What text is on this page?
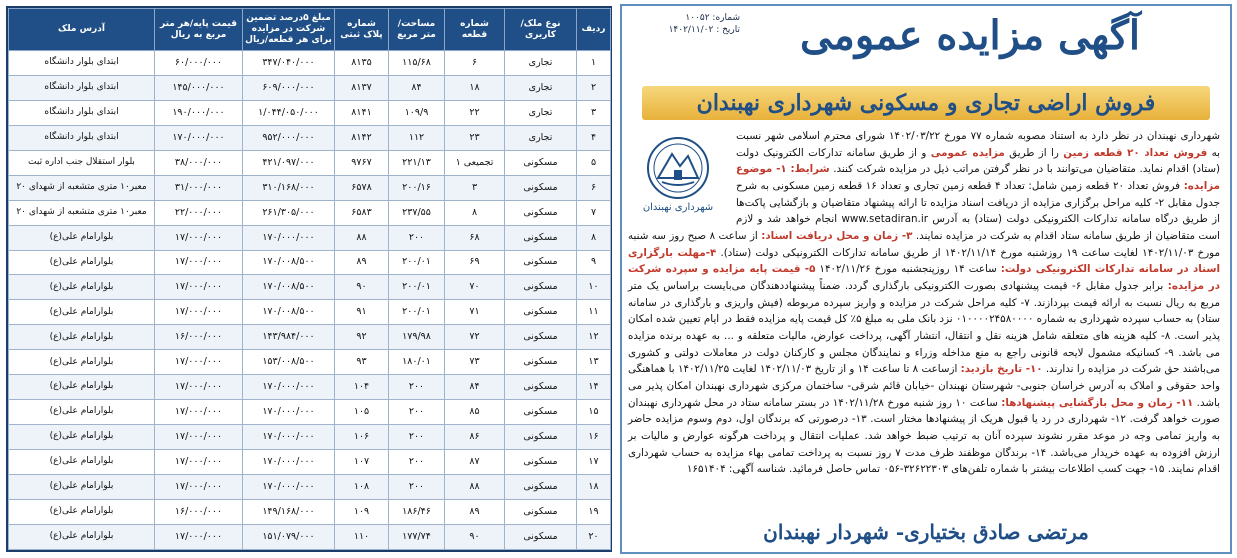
ردیف	نوع ملک/کاربری	شماره قطعه	مساحت/ متر مربع	شماره پلاک ثبتی	مبلغ ۵درصد تضمین شرکت در مزایده برای هر قطعه/ریال	قیمت پایه/هر متر مربع به ریال	آدرس ملک
۱	تجاری	۶	۱۱۵/۶۸	۸۱۳۵	۳۴۷/۰۴۰/۰۰۰	۶۰/۰۰۰/۰۰۰	ابتدای بلوار دانشگاه
۲	تجاری	۱۸	۸۴	۸۱۳۷	۶۰۹/۰۰۰/۰۰۰	۱۴۵/۰۰۰/۰۰۰	ابتدای بلوار دانشگاه
۳	تجاری	۲۲	۱۰۹/۹	۸۱۴۱	۱/۰۴۴/۰۵۰/۰۰۰	۱۹۰/۰۰۰/۰۰۰	ابتدای بلوار دانشگاه
۴	تجاری	۲۳	۱۱۲	۸۱۴۲	۹۵۲/۰۰۰/۰۰۰	۱۷۰/۰۰۰/۰۰۰	ابتدای بلوار دانشگاه
۵	مسکونی	تجمیعی ۱	۲۲۱/۱۳	۹۷۶۷	۴۲۱/۰۹۷/۰۰۰	۳۸/۰۰۰/۰۰۰	بلوار استقلال جنب اداره ثبت
۶	مسکونی	۳	۲۰۰/۱۶	۶۵۷۸	۳۱۰/۱۶۸/۰۰۰	۳۱/۰۰۰/۰۰۰	معبر۱۰ متری متشعبه از شهدای ۲۰
۷	مسکونی	۸	۲۳۷/۵۵	۶۵۸۳	۲۶۱/۳۰۵/۰۰۰	۲۲/۰۰۰/۰۰۰	معبر۱۰ متری متشعبه از شهدای ۲۰
۸	مسکونی	۶۸	۲۰۰	۸۸	۱۷۰/۰۰۰/۰۰۰	۱۷/۰۰۰/۰۰۰	بلوارامام علی(ع)
۹	مسکونی	۶۹	۲۰۰/۰۱	۸۹	۱۷۰/۰۰۸/۵۰۰	۱۷/۰۰۰/۰۰۰	بلوارامام علی(ع)
۱۰	مسکونی	۷۰	۲۰۰/۰۱	۹۰	۱۷۰/۰۰۸/۵۰۰	۱۷/۰۰۰/۰۰۰	بلوارامام علی(ع)
۱۱	مسکونی	۷۱	۲۰۰/۰۱	۹۱	۱۷۰/۰۰۸/۵۰۰	۱۷/۰۰۰/۰۰۰	بلوارامام علی(ع)
۱۲	مسکونی	۷۲	۱۷۹/۹۸	۹۲	۱۴۳/۹۸۴/۰۰۰	۱۶/۰۰۰/۰۰۰	بلوارامام علی(ع)
۱۳	مسکونی	۷۳	۱۸۰/۰۱	۹۳	۱۵۳/۰۰۸/۵۰۰	۱۷/۰۰۰/۰۰۰	بلوارامام علی(ع)
۱۴	مسکونی	۸۴	۲۰۰	۱۰۴	۱۷۰/۰۰۰/۰۰۰	۱۷/۰۰۰/۰۰۰	بلوارامام علی(ع)
۱۵	مسکونی	۸۵	۲۰۰	۱۰۵	۱۷۰/۰۰۰/۰۰۰	۱۷/۰۰۰/۰۰۰	بلوارامام علی(ع)
۱۶	مسکونی	۸۶	۲۰۰	۱۰۶	۱۷۰/۰۰۰/۰۰۰	۱۷/۰۰۰/۰۰۰	بلوارامام علی(ع)
۱۷	مسکونی	۸۷	۲۰۰	۱۰۷	۱۷۰/۰۰۰/۰۰۰	۱۷/۰۰۰/۰۰۰	بلوارامام علی(ع)
۱۸	مسکونی	۸۸	۲۰۰	۱۰۸	۱۷۰/۰۰۰/۰۰۰	۱۷/۰۰۰/۰۰۰	بلوارامام علی(ع)
۱۹	مسکونی	۸۹	۱۸۶/۴۶	۱۰۹	۱۴۹/۱۶۸/۰۰۰	۱۶/۰۰۰/۰۰۰	بلوارامام علی(ع)
۲۰	مسکونی	۹۰	۱۷۷/۷۴	۱۱۰	۱۵۱/۰۷۹/۰۰۰	۱۷/۰۰۰/۰۰۰	بلوارامام علی(ع)
شماره: ۱۰۰۵۲
تاریخ : ۱۴۰۲/۱۱/۰۲	آگهی مزایده عمومی
فروش اراضی تجاری و مسکونی شهرداری نهبندان
شهرداری نهبندان
شهرداری نهبندان در نظر دارد به استناد مصوبه شماره ۷۷ مورخ ۱۴۰۲/۰۳/۲۲ شورای محترم اسلامی شهر نسبت به فروش تعداد ۲۰ قطعه زمین را از طریق مزایده عمومی و از طریق سامانه تدارکات الکترونیک دولت (ستاد) اقدام نماید. متقاضیان می‌توانند با در نظر گرفتن مراتب ذیل در مزایده شرکت کنند. شرایط: ۱- موضوع مزایده: فروش تعداد ۲۰ قطعه زمین شامل: تعداد ۴ قطعه زمین تجاری و تعداد ۱۶ قطعه زمین مسکونی به شرح جدول مقابل ۲- کلیه مراحل برگزاری مزایده از دریافت اسناد مزایده تا ارائه پیشنهاد متقاضیان و بازگشایی پاکت‌ها از طریق درگاه سامانه تدارکات الکترونیکی دولت (ستاد) به آدرس www.setadiran.ir انجام خواهد شد و لازم است متقاضیان از طریق سامانه ستاد اقدام به شرکت در مزایده نمایند. ۳- زمان و محل دریافت اسناد: از ساعت ۸ صبح روز سه شنبه مورخ ۱۴۰۲/۱۱/۰۳ لغایت ساعت ۱۹ روزشنبه مورخ ۱۴۰۲/۱۱/۱۴ از طریق سامانه تدارکات الکترونیکی دولت (ستاد). ۴-مهلت بارگزاری اسناد در سامانه تدارکات الکترونیکی دولت: ساعت ۱۴ روزپنجشنبه مورخ ۱۴۰۲/۱۱/۲۶ ۵- قیمت پایه مزایده و سپرده شرکت در مزایده: برابر جدول مقابل ۶- قیمت پیشنهادی بصورت الکترونیکی بارگذاری گردد. ضمناً پیشنهاددهندگان می‌بایست براساس یک متر مربع به ریال نسبت به ارائه قیمت بپردازند. ۷- کلیه مراحل شرکت در مزایده و واریز سپرده مربوطه (فیش واریزی و بارگذاری در سامانه ستاد) به حساب سپرده شهرداری به شماره ۰۱۰۰۰۰۲۴۵۸۰۰۰۰ نزد بانک ملی به مبلغ ۵٪ کل قیمت پایه مزایده فقط در ایام تعیین شده امکان پذیر است. ۸- کلیه هزینه های متعلقه شامل هزینه نقل و انتقال، انتشار آگهی، پرداخت عوارض، مالیات متعلقه و ... به عهده برنده مزایده می باشد. ۹- کسانیکه مشمول لایحه قانونی راجع به منع مداخله وزراء و نمایندگان مجلس و کارکنان دولت در معاملات دولتی و کشوری می‌باشند حق شرکت در مزایده را ندارند. ۱۰- تاریخ بازدید: ازساعت ۸ تا ساعت ۱۴ و از تاریخ ۱۴۰۲/۱۱/۰۳ لغایت ۱۴۰۲/۱۱/۲۵ با هماهنگی واحد حقوقی و املاک به آدرس خراسان جنوبی- شهرستان نهبندان -خیابان قائم شرقی- ساختمان مرکزی شهرداری نهبندان امکان پذیر می باشد. ۱۱- زمان و محل بازگشایی پیشنهادها: ساعت ۱۰ روز شنبه مورخ ۱۴۰۲/۱۱/۲۸ در بستر سامانه ستاد در محل شهرداری نهبندان صورت خواهد گرفت. ۱۲- شهرداری در رد یا قبول هریک از پیشنهادها مختار است. ۱۳- درصورتی که برندگان اول، دوم وسوم مزایده حاضر به واریز تمامی وجه در موعد مقرر نشوند سپرده آنان به ترتیب ضبط خواهد شد. عملیات انتقال و پرداخت هرگونه عوارض و مالیات بر ارزش افزوده به عهده خریدار می‌باشد. ۱۴- برندگان موظفند ظرف مدت ۷ روز نسبت به پرداخت تمامی بهاء مزایده به حساب شهرداری اقدام نمایند. ۱۵- جهت کسب اطلاعات بیشتر با شماره تلفن‌های ۳۲۶۲۲۳۰۳-۰۵۶ تماس حاصل فرمائید. شناسه آگهی: ۱۶۵۱۴۰۴
مرتضی صادق بختیاری- شهردار نهبندان
